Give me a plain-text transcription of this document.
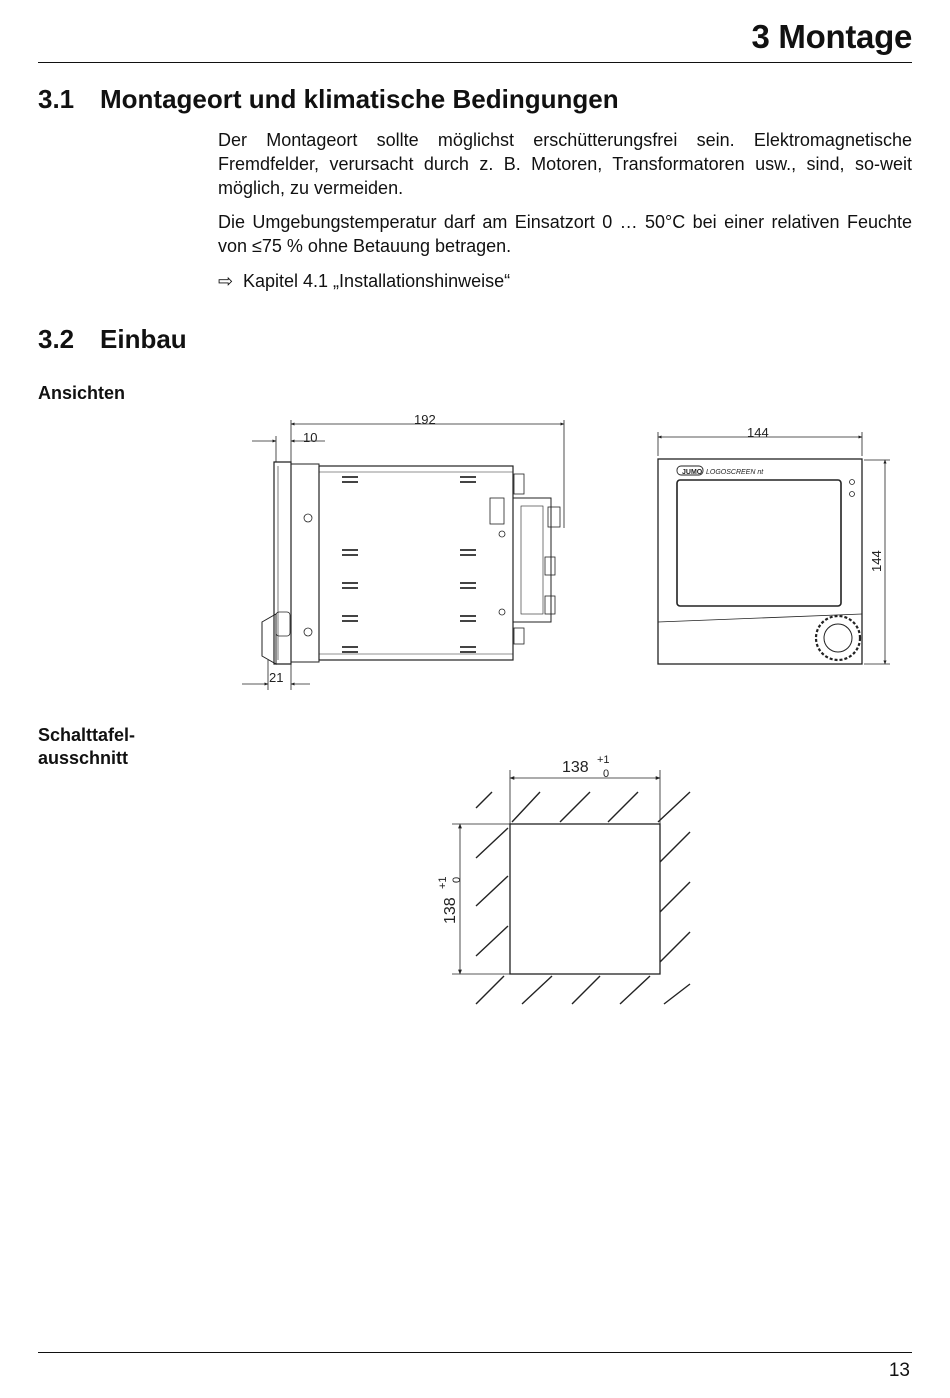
3 Montage
3.1 Montageort und klimatische Bedingungen

Der Montageort sollte möglichst erschütterungsfrei sein. Elektromagnetische Fremdfelder, verursacht durch z. B. Motoren, Transformatoren usw., sind, so-weit möglich, zu vermeiden.

Die Umgebungstemperatur darf am Einsatzort 0 … 50°C bei einer relativen Feuchte von ≤75 % ohne Betauung betragen.

⇨ Kapitel 4.1 „Installationshinweise“
3.2 Einbau
Ansichten
192
10
21
144
144
JUMO LOGOSCREEN nt
Schalttafel-
ausschnitt	138 +1
0
138
+1 0
13
